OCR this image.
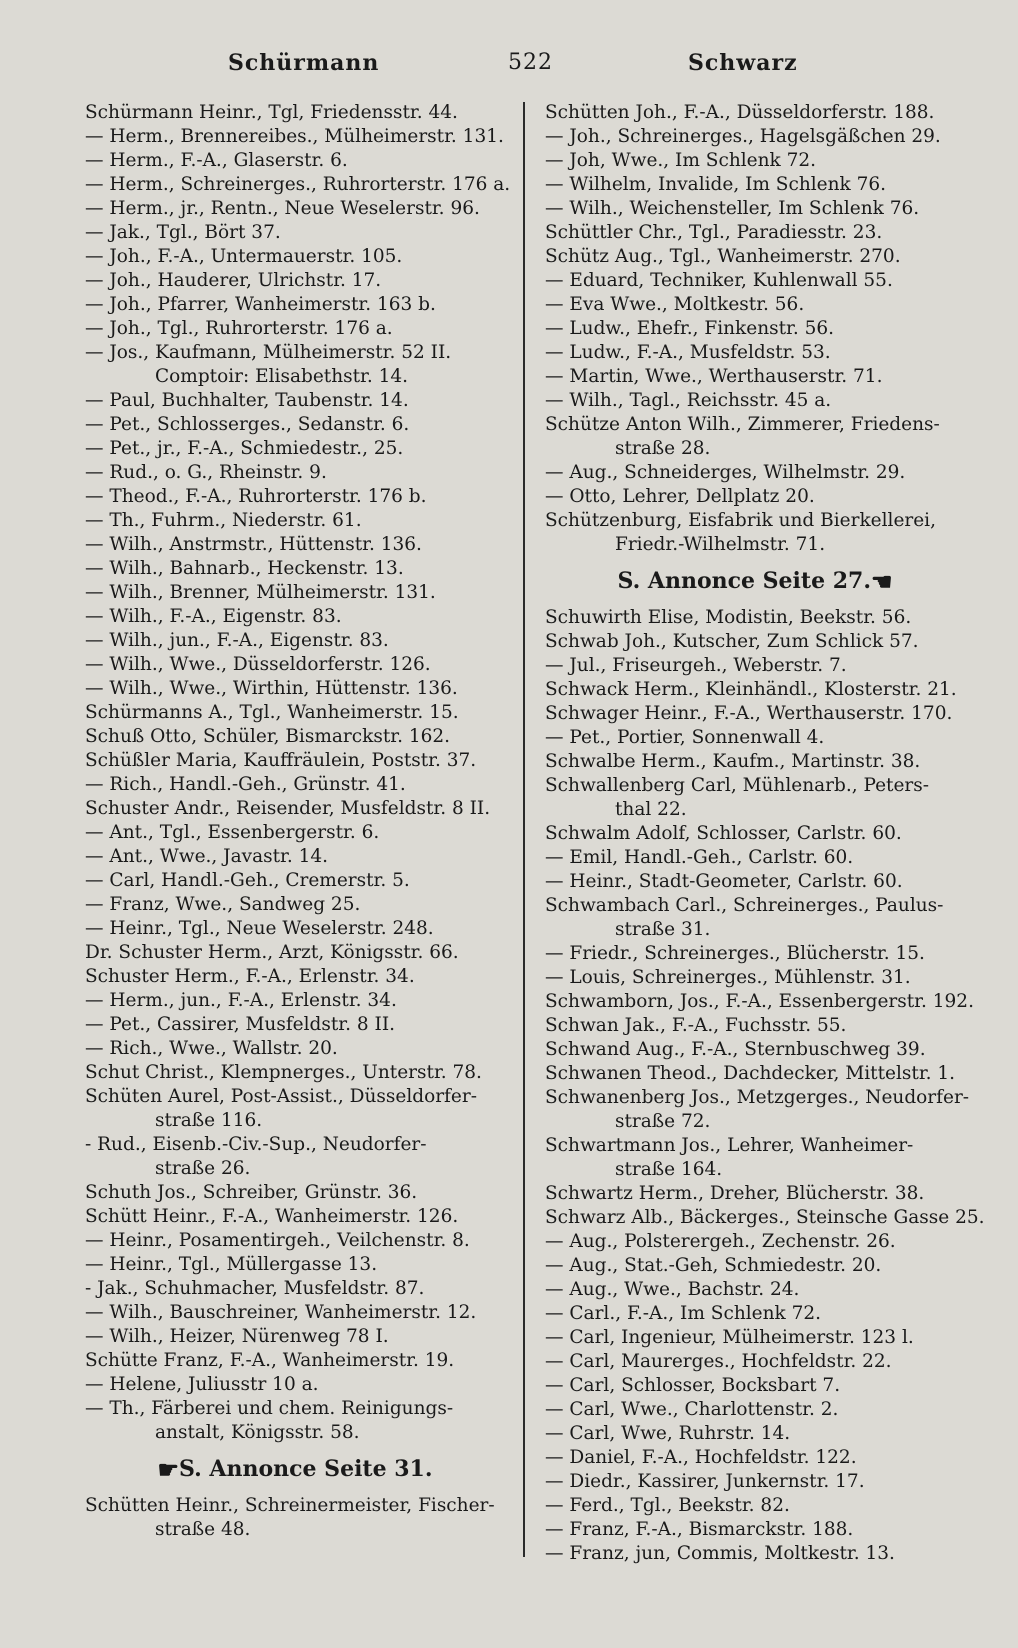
Schürmann	522	Schwarz
Schürmann Heinr., Tgl, Friedensstr. 44.
— Herm., Brennereibes., Mülheimerstr. 131.
— Herm., F.-A., Glaserstr. 6.
— Herm., Schreinerges., Ruhrorterstr. 176 a.
— Herm., jr., Rentn., Neue Weselerstr. 96.
— Jak., Tgl., Bört 37.
— Joh., F.-A., Untermauerstr. 105.
— Joh., Hauderer, Ulrichstr. 17.
— Joh., Pfarrer, Wanheimerstr. 163 b.
— Joh., Tgl., Ruhrorterstr. 176 a.
— Jos., Kaufmann, Mülheimerstr. 52 II.
Comptoir: Elisabethstr. 14.
— Paul, Buchhalter, Taubenstr. 14.
— Pet., Schlosserges., Sedanstr. 6.
— Pet., jr., F.-A., Schmiedestr., 25.
— Rud., o. G., Rheinstr. 9.
— Theod., F.-A., Ruhrorterstr. 176 b.
— Th., Fuhrm., Niederstr. 61.
— Wilh., Anstrmstr., Hüttenstr. 136.
— Wilh., Bahnarb., Heckenstr. 13.
— Wilh., Brenner, Mülheimerstr. 131.
— Wilh., F.-A., Eigenstr. 83.
— Wilh., jun., F.-A., Eigenstr. 83.
— Wilh., Wwe., Düsseldorferstr. 126.
— Wilh., Wwe., Wirthin, Hüttenstr. 136.
Schürmanns A., Tgl., Wanheimerstr. 15.
Schuß Otto, Schüler, Bismarckstr. 162.
Schüßler Maria, Kauffräulein, Poststr. 37.
— Rich., Handl.-Geh., Grünstr. 41.
Schuster Andr., Reisender, Musfeldstr. 8 II.
— Ant., Tgl., Essenbergerstr. 6.
— Ant., Wwe., Javastr. 14.
— Carl, Handl.-Geh., Cremerstr. 5.
— Franz, Wwe., Sandweg 25.
— Heinr., Tgl., Neue Weselerstr. 248.
Dr. Schuster Herm., Arzt, Königsstr. 66.
Schuster Herm., F.-A., Erlenstr. 34.
— Herm., jun., F.-A., Erlenstr. 34.
— Pet., Cassirer, Musfeldstr. 8 II.
— Rich., Wwe., Wallstr. 20.
Schut Christ., Klempnerges., Unterstr. 78.
Schüten Aurel, Post-Assist., Düsseldorfer-
straße 116.
- Rud., Eisenb.-Civ.-Sup., Neudorfer-
straße 26.
Schuth Jos., Schreiber, Grünstr. 36.
Schütt Heinr., F.-A., Wanheimerstr. 126.
— Heinr., Posamentirgeh., Veilchenstr. 8.
— Heinr., Tgl., Müllergasse 13.
- Jak., Schuhmacher, Musfeldstr. 87.
— Wilh., Bauschreiner, Wanheimerstr. 12.
— Wilh., Heizer, Nürenweg 78 I.
Schütte Franz, F.-A., Wanheimerstr. 19.
— Helene, Juliusstr 10 a.
— Th., Färberei und chem. Reinigungs-
anstalt, Königsstr. 58.
☛S. Annonce Seite 31.
Schütten Heinr., Schreinermeister, Fischer-
straße 48.
Schütten Joh., F.-A., Düsseldorferstr. 188.
— Joh., Schreinerges., Hagelsgäßchen 29.
— Joh, Wwe., Im Schlenk 72.
— Wilhelm, Invalide, Im Schlenk 76.
— Wilh., Weichensteller, Im Schlenk 76.
Schüttler Chr., Tgl., Paradiesstr. 23.
Schütz Aug., Tgl., Wanheimerstr. 270.
— Eduard, Techniker, Kuhlenwall 55.
— Eva Wwe., Moltkestr. 56.
— Ludw., Ehefr., Finkenstr. 56.
— Ludw., F.-A., Musfeldstr. 53.
— Martin, Wwe., Werthauserstr. 71.
— Wilh., Tagl., Reichsstr. 45 a.
Schütze Anton Wilh., Zimmerer, Friedens-
straße 28.
— Aug., Schneiderges, Wilhelmstr. 29.
— Otto, Lehrer, Dellplatz 20.
Schützenburg, Eisfabrik und Bierkellerei,
Friedr.-Wilhelmstr. 71.
S. Annonce Seite 27.☚
Schuwirth Elise, Modistin, Beekstr. 56.
Schwab Joh., Kutscher, Zum Schlick 57.
— Jul., Friseurgeh., Weberstr. 7.
Schwack Herm., Kleinhändl., Klosterstr. 21.
Schwager Heinr., F.-A., Werthauserstr. 170.
— Pet., Portier, Sonnenwall 4.
Schwalbe Herm., Kaufm., Martinstr. 38.
Schwallenberg Carl, Mühlenarb., Peters-
thal 22.
Schwalm Adolf, Schlosser, Carlstr. 60.
— Emil, Handl.-Geh., Carlstr. 60.
— Heinr., Stadt-Geometer, Carlstr. 60.
Schwambach Carl., Schreinerges., Paulus-
straße 31.
— Friedr., Schreinerges., Blücherstr. 15.
— Louis, Schreinerges., Mühlenstr. 31.
Schwamborn, Jos., F.-A., Essenbergerstr. 192.
Schwan Jak., F.-A., Fuchsstr. 55.
Schwand Aug., F.-A., Sternbuschweg 39.
Schwanen Theod., Dachdecker, Mittelstr. 1.
Schwanenberg Jos., Metzgerges., Neudorfer-
straße 72.
Schwartmann Jos., Lehrer, Wanheimer-
straße 164.
Schwartz Herm., Dreher, Blücherstr. 38.
Schwarz Alb., Bäckerges., Steinsche Gasse 25.
— Aug., Polsterergeh., Zechenstr. 26.
— Aug., Stat.-Geh, Schmiedestr. 20.
— Aug., Wwe., Bachstr. 24.
— Carl., F.-A., Im Schlenk 72.
— Carl, Ingenieur, Mülheimerstr. 123 l.
— Carl, Maurerges., Hochfeldstr. 22.
— Carl, Schlosser, Bocksbart 7.
— Carl, Wwe., Charlottenstr. 2.
— Carl, Wwe, Ruhrstr. 14.
— Daniel, F.-A., Hochfeldstr. 122.
— Diedr., Kassirer, Junkernstr. 17.
— Ferd., Tgl., Beekstr. 82.
— Franz, F.-A., Bismarckstr. 188.
— Franz, jun, Commis, Moltkestr. 13.
